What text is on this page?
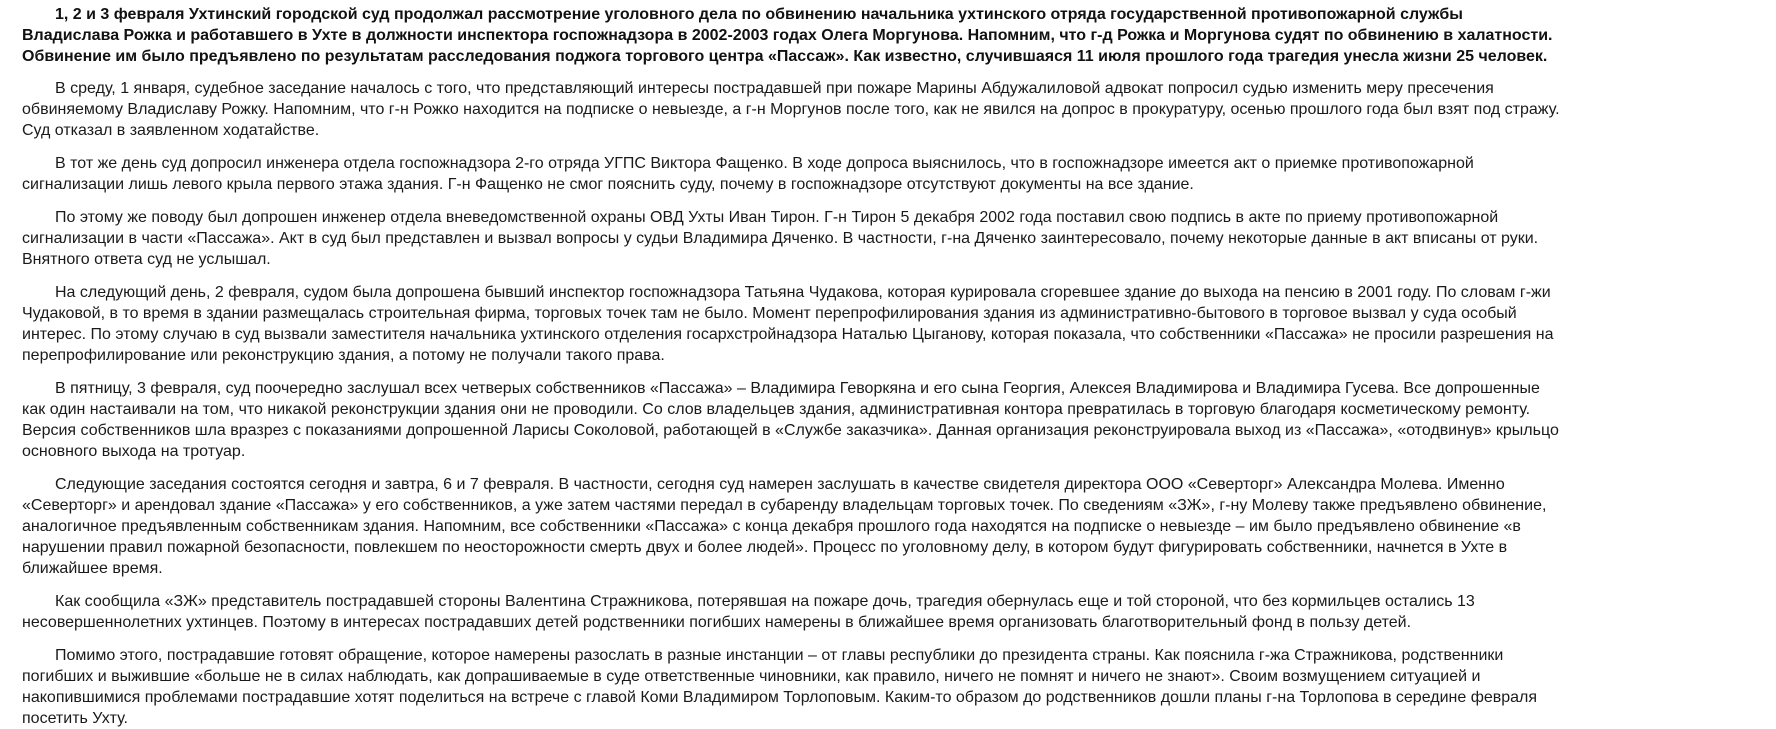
1, 2 и 3 февраля Ухтинский городской суд продолжал рассмотрение уголовного дела по обвинению начальника ухтинского отряда государственной противопожарной службы Владислава Рожка и работавшего в Ухте в должности инспектора госпожнадзора в 2002-2003 годах Олега Моргунова. Напомним, что г-д Рожка и Моргунова судят по обвинению в халатности. Обвинение им было предъявлено по результатам расследования поджога торгового центра «Пассаж». Как известно, случившаяся 11 июля прошлого года трагедия унесла жизни 25 человек.

В среду, 1 января, судебное заседание началось с того, что представляющий интересы пострадавшей при пожаре Марины Абдужалиловой адвокат попросил судью изменить меру пресечения обвиняемому Владиславу Рожку. Напомним, что г-н Рожко находится на подписке о невыезде, а г-н Моргунов после того, как не явился на допрос в прокуратуру, осенью прошлого года был взят под стражу. Суд отказал в заявленном ходатайстве.

В тот же день суд допросил инженера отдела госпожнадзора 2-го отряда УГПС Виктора Фащенко. В ходе допроса выяснилось, что в госпожнадзоре имеется акт о приемке противопожарной сигнализации лишь левого крыла первого этажа здания. Г-н Фащенко не смог пояснить суду, почему в госпожнадзоре отсутствуют документы на все здание.

По этому же поводу был допрошен инженер отдела вневедомственной охраны ОВД Ухты Иван Тирон. Г-н Тирон 5 декабря 2002 года поставил свою подпись в акте по приему противопожарной сигнализации в части «Пассажа». Акт в суд был представлен и вызвал вопросы у судьи Владимира Дяченко. В частности, г-на Дяченко заинтересовало, почему некоторые данные в акт вписаны от руки. Внятного ответа суд не услышал.

На следующий день, 2 февраля, судом была допрошена бывший инспектор госпожнадзора Татьяна Чудакова, которая курировала сгоревшее здание до выхода на пенсию в 2001 году. По словам г-жи Чудаковой, в то время в здании размещалась строительная фирма, торговых точек там не было. Момент перепрофилирования здания из административно-бытового в торговое вызвал у суда особый интерес. По этому случаю в суд вызвали заместителя начальника ухтинского отделения госархстройнадзора Наталью Цыганову, которая показала, что собственники «Пассажа» не просили разрешения на перепрофилирование или реконструкцию здания, а потому не получали такого права.

В пятницу, 3 февраля, суд поочередно заслушал всех четверых собственников «Пассажа» – Владимира Геворкяна и его сына Георгия, Алексея Владимирова и Владимира Гусева. Все допрошенные как один настаивали на том, что никакой реконструкции здания они не проводили. Со слов владельцев здания, административная контора превратилась в торговую благодаря косметическому ремонту. Версия собственников шла вразрез с показаниями допрошенной Ларисы Соколовой, работающей в «Службе заказчика». Данная организация реконструировала выход из «Пассажа», «отодвинув» крыльцо основного выхода на тротуар.

Следующие заседания состоятся сегодня и завтра, 6 и 7 февраля. В частности, сегодня суд намерен заслушать в качестве свидетеля директора ООО «Северторг» Александра Молева. Именно «Северторг» и арендовал здание «Пассажа» у его собственников, а уже затем частями передал в субаренду владельцам торговых точек. По сведениям «ЗЖ», г-ну Молеву также предъявлено обвинение, аналогичное предъявленным собственникам здания. Напомним, все собственники «Пассажа» с конца декабря прошлого года находятся на подписке о невыезде – им было предъявлено обвинение «в нарушении правил пожарной безопасности, повлекшем по неосторожности смерть двух и более людей». Процесс по уголовному делу, в котором будут фигурировать собственники, начнется в Ухте в ближайшее время.

Как сообщила «ЗЖ» представитель пострадавшей стороны Валентина Стражникова, потерявшая на пожаре дочь, трагедия обернулась еще и той стороной, что без кормильцев остались 13 несовершеннолетних ухтинцев. Поэтому в интересах пострадавших детей родственники погибших намерены в ближайшее время организовать благотворительный фонд в пользу детей.

Помимо этого, пострадавшие готовят обращение, которое намерены разослать в разные инстанции – от главы республики до президента страны. Как пояснила г-жа Стражникова, родственники погибших и выжившие «больше не в силах наблюдать, как допрашиваемые в суде ответственные чиновники, как правило, ничего не помнят и ничего не знают». Своим возмущением ситуацией и накопившимися проблемами пострадавшие хотят поделиться на встрече с главой Коми Владимиром Торлоповым. Каким-то образом до родственников дошли планы г-на Торлопова в середине февраля посетить Ухту.
